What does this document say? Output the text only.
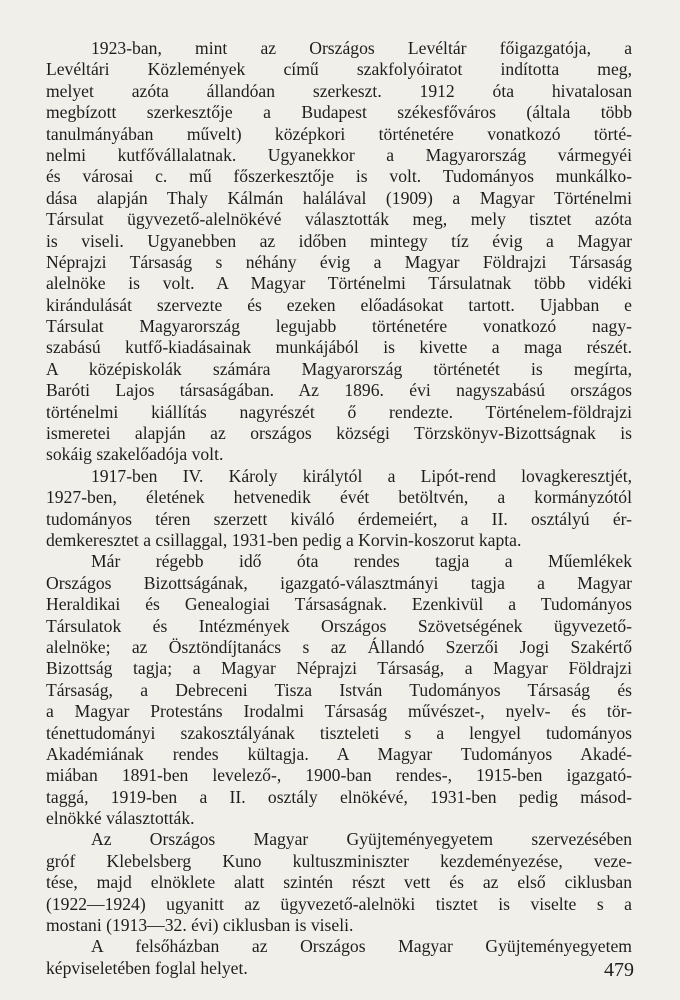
1923-ban, mint az Országos Levéltár főigazgatója, a
Levéltári Közlemények című szakfolyóiratot indította meg,
melyet azóta állandóan szerkeszt. 1912 óta hivatalosan
megbízott szerkesztője a Budapest székesfőváros (általa több
tanulmányában művelt) középkori történetére vonatkozó törté-
nelmi kutfővállalatnak. Ugyanekkor a Magyarország vármegyéi
és városai c. mű főszerkesztője is volt. Tudományos munkálko-
dása alapján Thaly Kálmán halálával (1909) a Magyar Történelmi
Társulat ügyvezető-alelnökévé választották meg, mely tisztet azóta
is viseli. Ugyanebben az időben mintegy tíz évig a Magyar
Néprajzi Társaság s néhány évig a Magyar Földrajzi Társaság
alelnöke is volt. A Magyar Történelmi Társulatnak több vidéki
kirándulását szervezte és ezeken előadásokat tartott. Ujabban e
Társulat Magyarország legujabb történetére vonatkozó nagy-
szabású kutfő-kiadásainak munkájából is kivette a maga részét.
A középiskolák számára Magyarország történetét is megírta,
Baróti Lajos társaságában. Az 1896. évi nagyszabású országos
történelmi kiállítás nagyrészét ő rendezte. Történelem-földrajzi
ismeretei alapján az országos községi Törzskönyv-Bizottságnak is
sokáig szakelőadója volt.
1917-ben IV. Károly királytól a Lipót-rend lovagkeresztjét,
1927-ben, életének hetvenedik évét betöltvén, a kormányzótól
tudományos téren szerzett kiváló érdemeiért, a II. osztályú ér-
demkeresztet a csillaggal, 1931-ben pedig a Korvin-koszorut kapta.
Már régebb idő óta rendes tagja a Műemlékek
Országos Bizottságának, igazgató-választmányi tagja a Magyar
Heraldikai és Genealogiai Társaságnak. Ezenkivül a Tudományos
Társulatok és Intézmények Országos Szövetségének ügyvezető-
alelnöke; az Ösztöndíjtanács s az Állandó Szerzői Jogi Szakértő
Bizottság tagja; a Magyar Néprajzi Társaság, a Magyar Földrajzi
Társaság, a Debreceni Tisza István Tudományos Társaság és
a Magyar Protestáns Irodalmi Társaság művészet-, nyelv- és tör-
ténettudományi szakosztályának tiszteleti s a lengyel tudományos
Akadémiának rendes kültagja. A Magyar Tudományos Akadé-
miában 1891-ben levelező-, 1900-ban rendes-, 1915-ben igazgató-
taggá, 1919-ben a II. osztály elnökévé, 1931-ben pedig másod-
elnökké választották.
Az Országos Magyar Gyüjteményegyetem szervezésében
gróf Klebelsberg Kuno kultuszminiszter kezdeményezése, veze-
tése, majd elnöklete alatt szintén részt vett és az első ciklusban
(1922—1924) ugyanitt az ügyvezető-alelnöki tisztet is viselte s a
mostani (1913—32. évi) ciklusban is viseli.
A felsőházban az Országos Magyar Gyüjteményegyetem
képviseletében foglal helyet.	479
